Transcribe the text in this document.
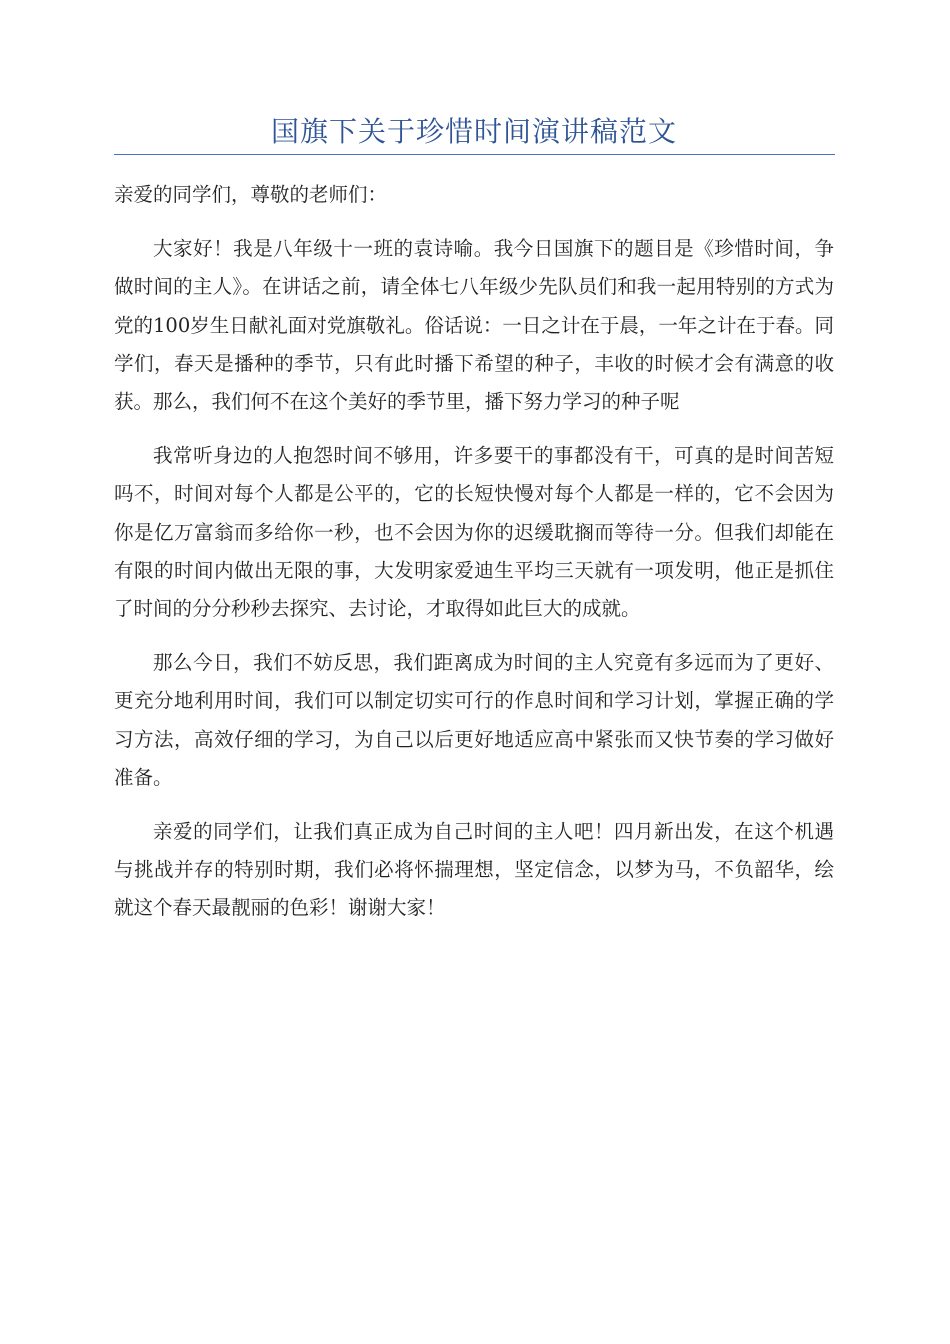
国旗下关于珍惜时间演讲稿范文

亲爱的同学们，尊敬的老师们：

大家好！我是八年级十一班的袁诗喻。我今日国旗下的题目是《珍惜时间，争做时间的主人》。在讲话之前，请全体七八年级少先队员们和我一起用特别的方式为党的100岁生日献礼面对党旗敬礼。俗话说：一日之计在于晨，一年之计在于春。同学们，春天是播种的季节，只有此时播下希望的种子，丰收的时候才会有满意的收获。那么，我们何不在这个美好的季节里，播下努力学习的种子呢

我常听身边的人抱怨时间不够用，许多要干的事都没有干，可真的是时间苦短吗不，时间对每个人都是公平的，它的长短快慢对每个人都是一样的，它不会因为你是亿万富翁而多给你一秒，也不会因为你的迟缓耽搁而等待一分。但我们却能在有限的时间内做出无限的事，大发明家爱迪生平均三天就有一项发明，他正是抓住了时间的分分秒秒去探究、去讨论，才取得如此巨大的成就。

那么今日，我们不妨反思，我们距离成为时间的主人究竟有多远而为了更好、更充分地利用时间，我们可以制定切实可行的作息时间和学习计划，掌握正确的学习方法，高效仔细的学习，为自己以后更好地适应高中紧张而又快节奏的学习做好准备。

亲爱的同学们，让我们真正成为自己时间的主人吧！四月新出发，在这个机遇与挑战并存的特别时期，我们必将怀揣理想，坚定信念，以梦为马，不负韶华，绘就这个春天最靓丽的色彩！谢谢大家！
